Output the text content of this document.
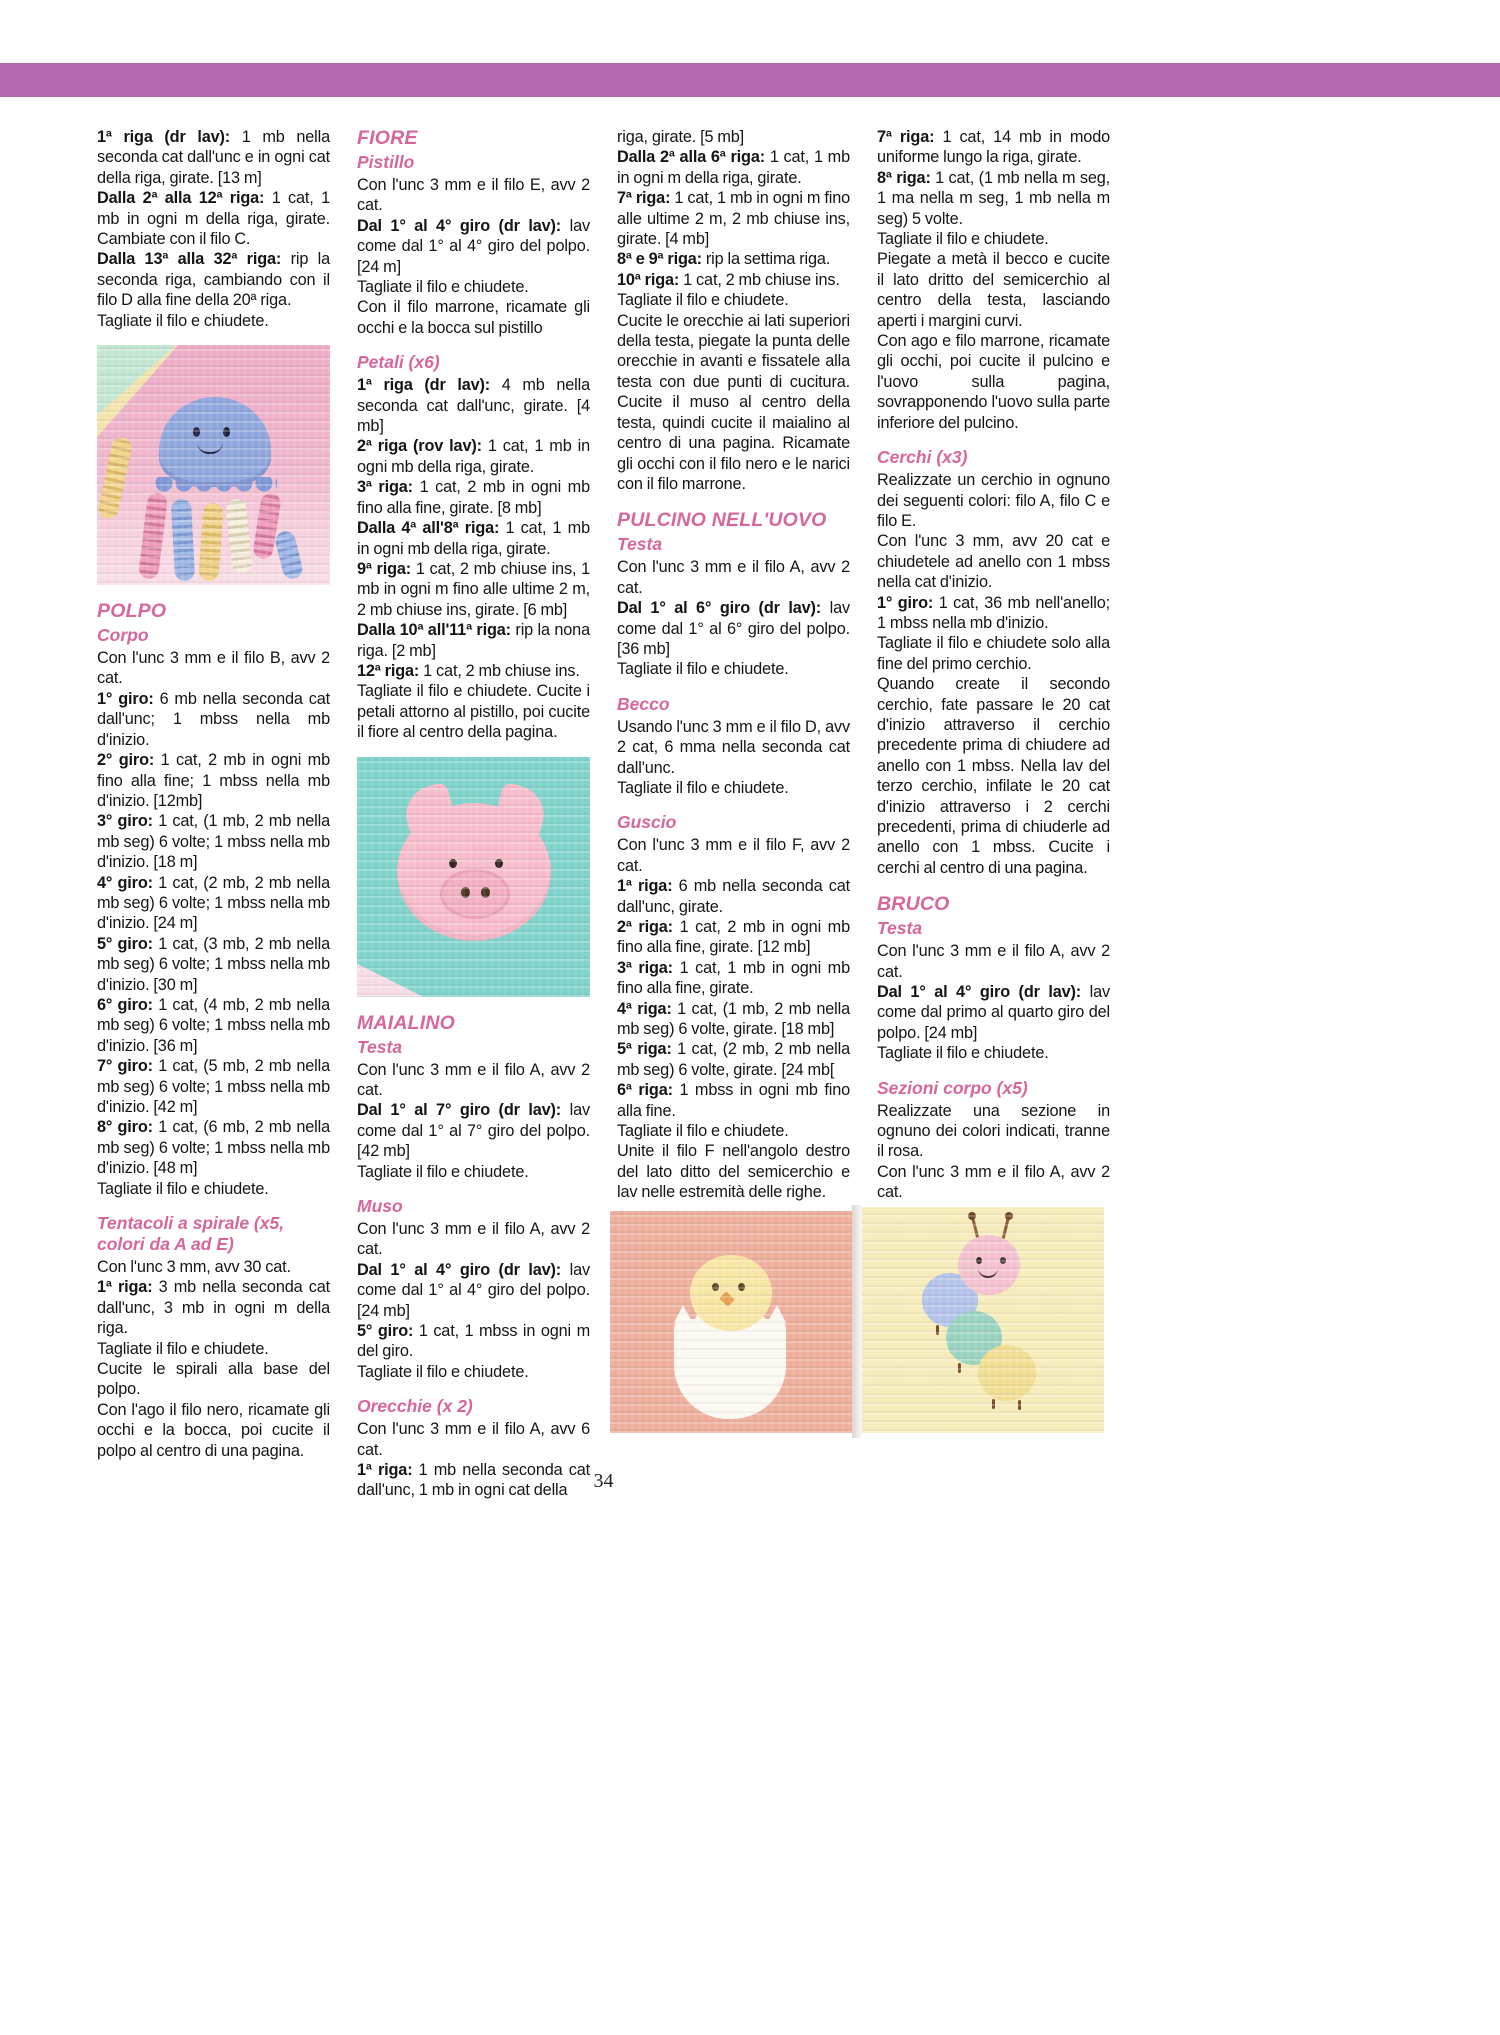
1ª riga (dr lav): 1 mb nella seconda cat dall'unc e in ogni cat della riga, girate. [13 m]

Dalla 2ª alla 12ª riga: 1 cat, 1 mb in ogni m della riga, girate. Cambiate con il filo C.

Dalla 13ª alla 32ª riga: rip la seconda riga, cambiando con il filo D alla fine della 20ª riga.

Tagliate il filo e chiudete.

POLPO
Corpo

Con l'unc 3 mm e il filo B, avv 2 cat.

1° giro: 6 mb nella seconda cat dall'unc; 1 mbss nella mb d'inizio.

2° giro: 1 cat, 2 mb in ogni mb fino alla fine; 1 mbss nella mb d'inizio. [12mb]

3° giro: 1 cat, (1 mb, 2 mb nella mb seg) 6 volte; 1 mbss nella mb d'inizio. [18 m]

4° giro: 1 cat, (2 mb, 2 mb nella mb seg) 6 volte; 1 mbss nella mb d'inizio. [24 m]

5° giro: 1 cat, (3 mb, 2 mb nella mb seg) 6 volte; 1 mbss nella mb d'inizio. [30 m]

6° giro: 1 cat, (4 mb, 2 mb nella mb seg) 6 volte; 1 mbss nella mb d'inizio. [36 m]

7° giro: 1 cat, (5 mb, 2 mb nella mb seg) 6 volte; 1 mbss nella mb d'inizio. [42 m]

8° giro: 1 cat, (6 mb, 2 mb nella mb seg) 6 volte; 1 mbss nella mb d'inizio. [48 m]

Tagliate il filo e chiudete.

Tentacoli a spirale (x5, colori da A ad E)

Con l'unc 3 mm, avv 30 cat.

1ª riga: 3 mb nella seconda cat dall'unc, 3 mb in ogni m della riga.

Tagliate il filo e chiudete.

Cucite le spirali alla base del polpo.

Con l'ago il filo nero, ricamate gli occhi e la bocca, poi cucite il polpo al centro di una pagina.

FIORE
Pistillo

Con l'unc 3 mm e il filo E, avv 2 cat.

Dal 1° al 4° giro (dr lav): lav come dal 1° al 4° giro del polpo. [24 m]

Tagliate il filo e chiudete.

Con il filo marrone, ricamate gli occhi e la bocca sul pistillo

Petali (x6)

1ª riga (dr lav): 4 mb nella seconda cat dall'unc, girate. [4 mb]

2ª riga (rov lav): 1 cat, 1 mb in ogni mb della riga, girate.

3ª riga: 1 cat, 2 mb in ogni mb fino alla fine, girate. [8 mb]

Dalla 4ª all'8ª riga: 1 cat, 1 mb in ogni mb della riga, girate.

9ª riga: 1 cat, 2 mb chiuse ins, 1 mb in ogni m fino alle ultime 2 m, 2 mb chiuse ins, girate. [6 mb]

Dalla 10ª all'11ª riga: rip la nona riga. [2 mb]

12ª riga: 1 cat, 2 mb chiuse ins.

Tagliate il filo e chiudete. Cucite i petali attorno al pistillo, poi cucite il fiore al centro della pagina.

MAIALINO
Testa

Con l'unc 3 mm e il filo A, avv 2 cat.

Dal 1° al 7° giro (dr lav): lav come dal 1° al 7° giro del polpo. [42 mb]

Tagliate il filo e chiudete.

Muso

Con l'unc 3 mm e il filo A, avv 2 cat.

Dal 1° al 4° giro (dr lav): lav come dal 1° al 4° giro del polpo. [24 mb]

5° giro: 1 cat, 1 mbss in ogni m del giro.

Tagliate il filo e chiudete.

Orecchie (x 2)

Con l'unc 3 mm e il filo A, avv 6 cat.

1ª riga: 1 mb nella seconda cat dall'unc, 1 mb in ogni cat della

riga, girate. [5 mb]

Dalla 2ª alla 6ª riga: 1 cat, 1 mb in ogni m della riga, girate.

7ª riga: 1 cat, 1 mb in ogni m fino alle ultime 2 m, 2 mb chiuse ins, girate. [4 mb]

8ª e 9ª riga: rip la settima riga.

10ª riga: 1 cat, 2 mb chiuse ins.

Tagliate il filo e chiudete.

Cucite le orecchie ai lati superiori della testa, piegate la punta delle orecchie in avanti e fissatele alla testa con due punti di cucitura. Cucite il muso al centro della testa, quindi cucite il maialino al centro di una pagina. Ricamate gli occhi con il filo nero e le narici con il filo marrone.

PULCINO NELL'UOVO
Testa

Con l'unc 3 mm e il filo A, avv 2 cat.

Dal 1° al 6° giro (dr lav): lav come dal 1° al 6° giro del polpo. [36 mb]

Tagliate il filo e chiudete.

Becco

Usando l'unc 3 mm e il filo D, avv 2 cat, 6 mma nella seconda cat dall'unc.

Tagliate il filo e chiudete.

Guscio

Con l'unc 3 mm e il filo F, avv 2 cat.

1ª riga: 6 mb nella seconda cat dall'unc, girate.

2ª riga: 1 cat, 2 mb in ogni mb fino alla fine, girate. [12 mb]

3ª riga: 1 cat, 1 mb in ogni mb fino alla fine, girate.

4ª riga: 1 cat, (1 mb, 2 mb nella mb seg) 6 volte, girate. [18 mb]

5ª riga: 1 cat, (2 mb, 2 mb nella mb seg) 6 volte, girate. [24 mb[

6ª riga: 1 mbss in ogni mb fino alla fine.

Tagliate il filo e chiudete.

Unite il filo F nell'angolo destro del lato ditto del semicerchio e lav nelle estremità delle righe.

7ª riga: 1 cat, 14 mb in modo uniforme lungo la riga, girate.

8ª riga: 1 cat, (1 mb nella m seg, 1 ma nella m seg, 1 mb nella m seg) 5 volte.

Tagliate il filo e chiudete.

Piegate a metà il becco e cucite il lato dritto del semicerchio al centro della testa, lasciando aperti i margini curvi.

Con ago e filo marrone, ricamate gli occhi, poi cucite il pulcino e l'uovo sulla pagina, sovrapponendo l'uovo sulla parte inferiore del pulcino.

Cerchi (x3)

Realizzate un cerchio in ognuno dei seguenti colori: filo A, filo C e filo E.

Con l'unc 3 mm, avv 20 cat e chiudetele ad anello con 1 mbss nella cat d'inizio.

1° giro: 1 cat, 36 mb nell'anello; 1 mbss nella mb d'inizio.

Tagliate il filo e chiudete solo alla fine del primo cerchio.

Quando create il secondo cerchio, fate passare le 20 cat d'inizio attraverso il cerchio precedente prima di chiudere ad anello con 1 mbss. Nella lav del terzo cerchio, infilate le 20 cat d'inizio attraverso i 2 cerchi precedenti, prima di chiuderle ad anello con 1 mbss. Cucite i cerchi al centro di una pagina.

BRUCO
Testa

Con l'unc 3 mm e il filo A, avv 2 cat.

Dal 1° al 4° giro (dr lav): lav come dal primo al quarto giro del polpo. [24 mb]

Tagliate il filo e chiudete.

Sezioni corpo (x5)

Realizzate una sezione in ognuno dei colori indicati, tranne il rosa.

Con l'unc 3 mm e il filo A, avv 2 cat.

34
